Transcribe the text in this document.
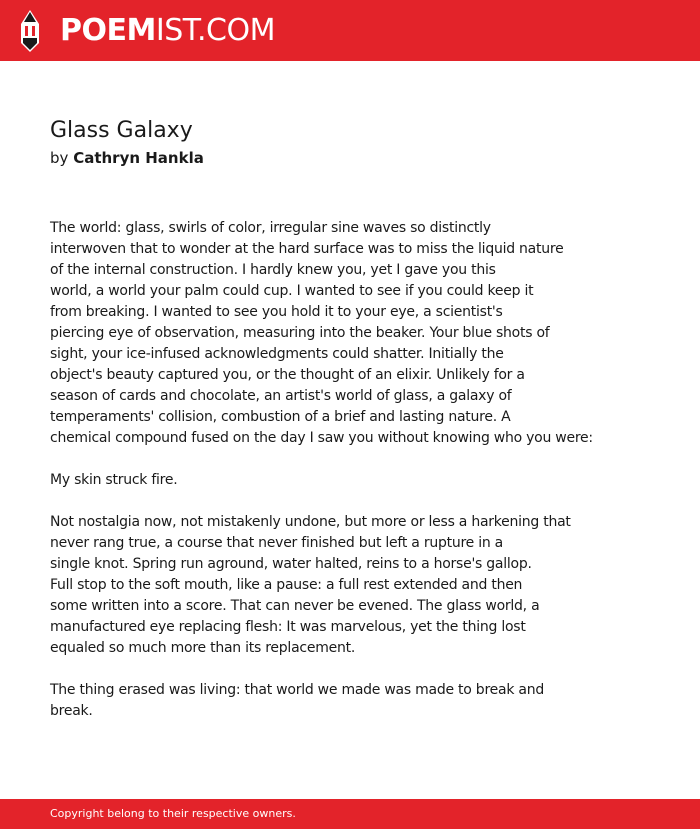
POEMIST.COM
Glass Galaxy
by Cathryn Hankla
The world: glass, swirls of color, irregular sine waves so distinctly
interwoven that to wonder at the hard surface was to miss the liquid nature
of the internal construction. I hardly knew you, yet I gave you this
world, a world your palm could cup. I wanted to see if you could keep it
from breaking. I wanted to see you hold it to your eye, a scientist's
piercing eye of observation, measuring into the beaker. Your blue shots of
sight, your ice-infused acknowledgments could shatter. Initially the
object's beauty captured you, or the thought of an elixir. Unlikely for a
season of cards and chocolate, an artist's world of glass, a galaxy of
temperaments' collision, combustion of a brief and lasting nature. A
chemical compound fused on the day I saw you without knowing who you were:
My skin struck fire.
Not nostalgia now, not mistakenly undone, but more or less a harkening that
never rang true, a course that never finished but left a rupture in a
single knot. Spring run aground, water halted, reins to a horse's gallop.
Full stop to the soft mouth, like a pause: a full rest extended and then
some written into a score. That can never be evened. The glass world, a
manufactured eye replacing flesh: It was marvelous, yet the thing lost
equaled so much more than its replacement.
The thing erased was living: that world we made was made to break and
break.
Copyright belong to their respective owners.
